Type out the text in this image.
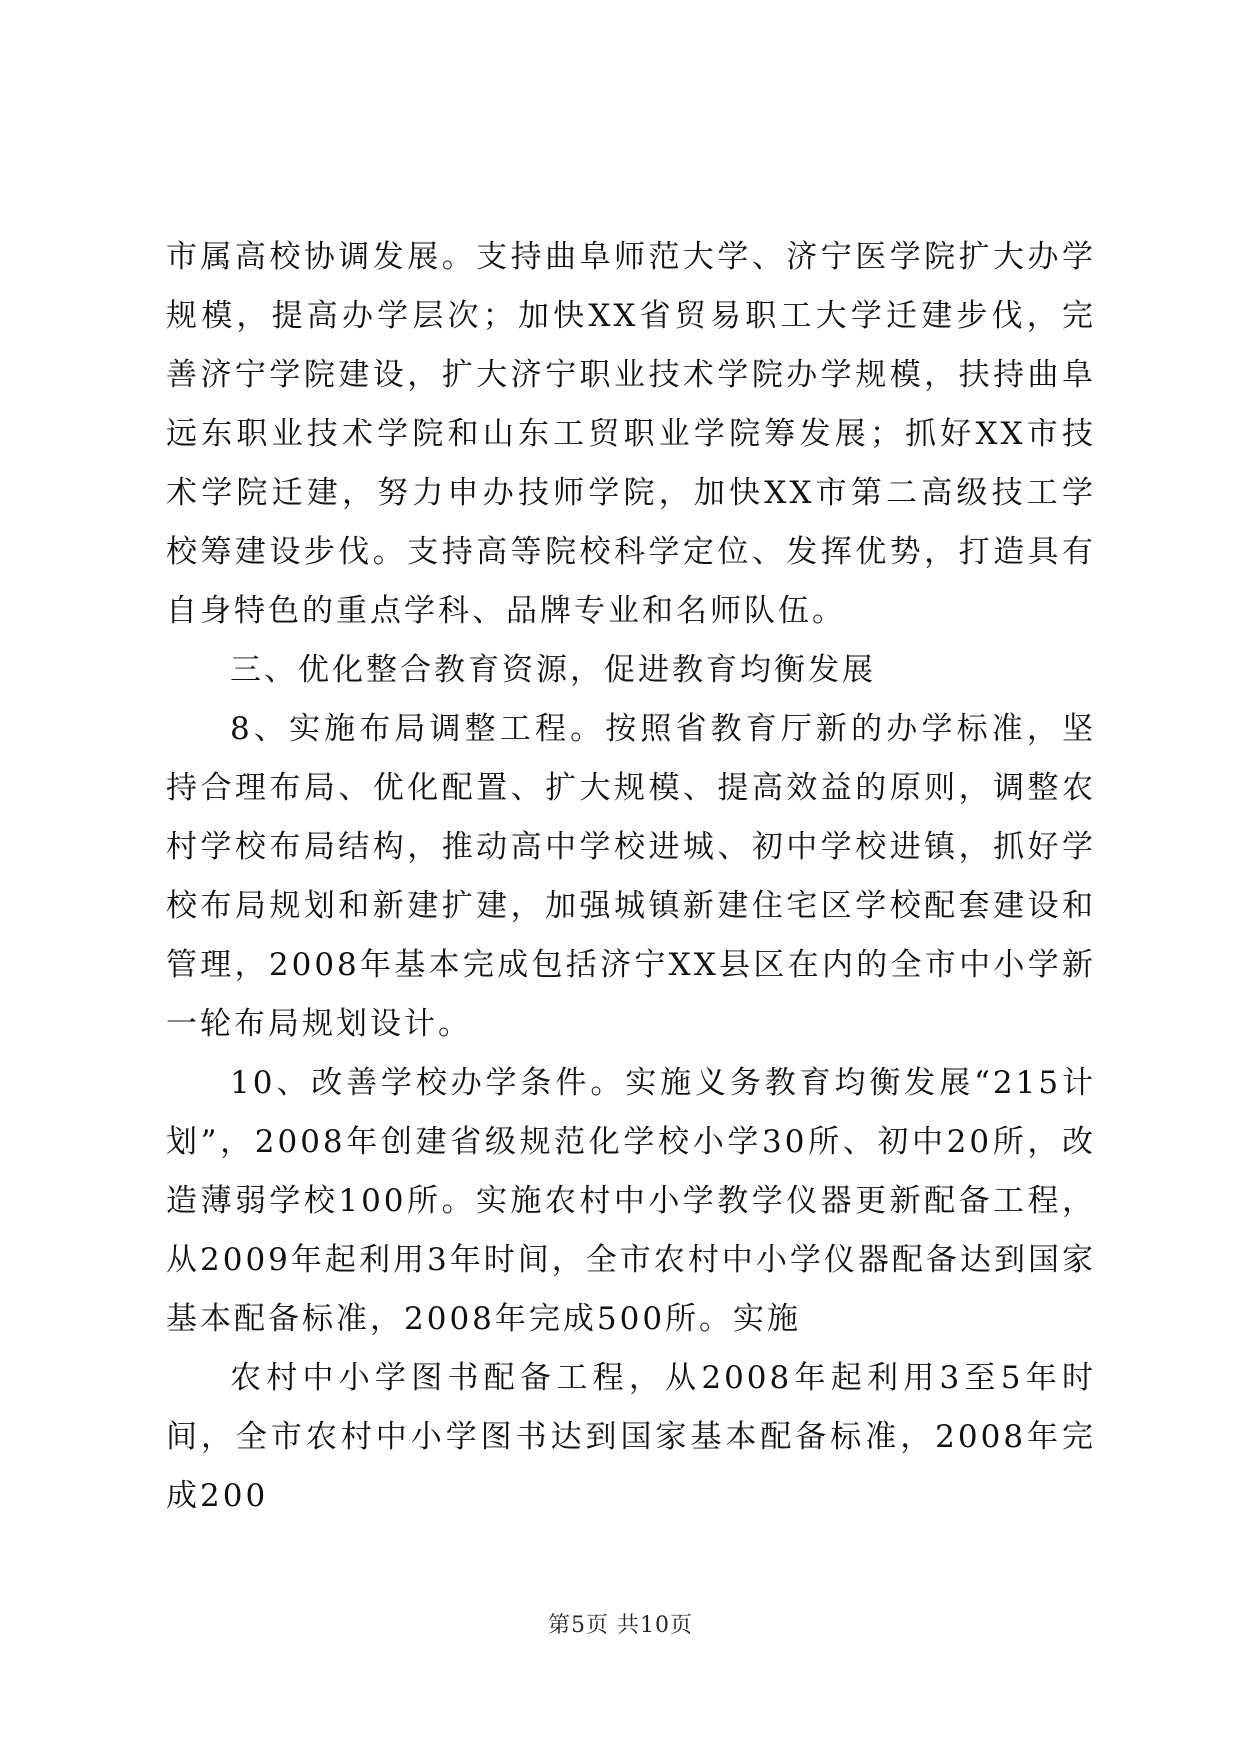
市属高校协调发展。支持曲阜师范大学、济宁医学院扩大办学规模，提高办学层次；加快XX省贸易职工大学迁建步伐，完善济宁学院建设，扩大济宁职业技术学院办学规模，扶持曲阜远东职业技术学院和山东工贸职业学院筹发展；抓好XX市技术学院迁建，努力申办技师学院，加快XX市第二高级技工学校筹建设步伐。支持高等院校科学定位、发挥优势，打造具有自身特色的重点学科、品牌专业和名师队伍。

三、优化整合教育资源，促进教育均衡发展

8、实施布局调整工程。按照省教育厅新的办学标准，坚持合理布局、优化配置、扩大规模、提高效益的原则，调整农村学校布局结构，推动高中学校进城、初中学校进镇，抓好学校布局规划和新建扩建，加强城镇新建住宅区学校配套建设和管理，2008年基本完成包括济宁XX县区在内的全市中小学新一轮布局规划设计。

10、改善学校办学条件。实施义务教育均衡发展“215计划”，2008年创建省级规范化学校小学30所、初中20所，改造薄弱学校100所。实施农村中小学教学仪器更新配备工程，从2009年起利用3年时间，全市农村中小学仪器配备达到国家基本配备标准，2008年完成500所。实施

农村中小学图书配备工程，从2008年起利用3至5年时间，全市农村中小学图书达到国家基本配备标准，2008年完成200

第5页 共10页
